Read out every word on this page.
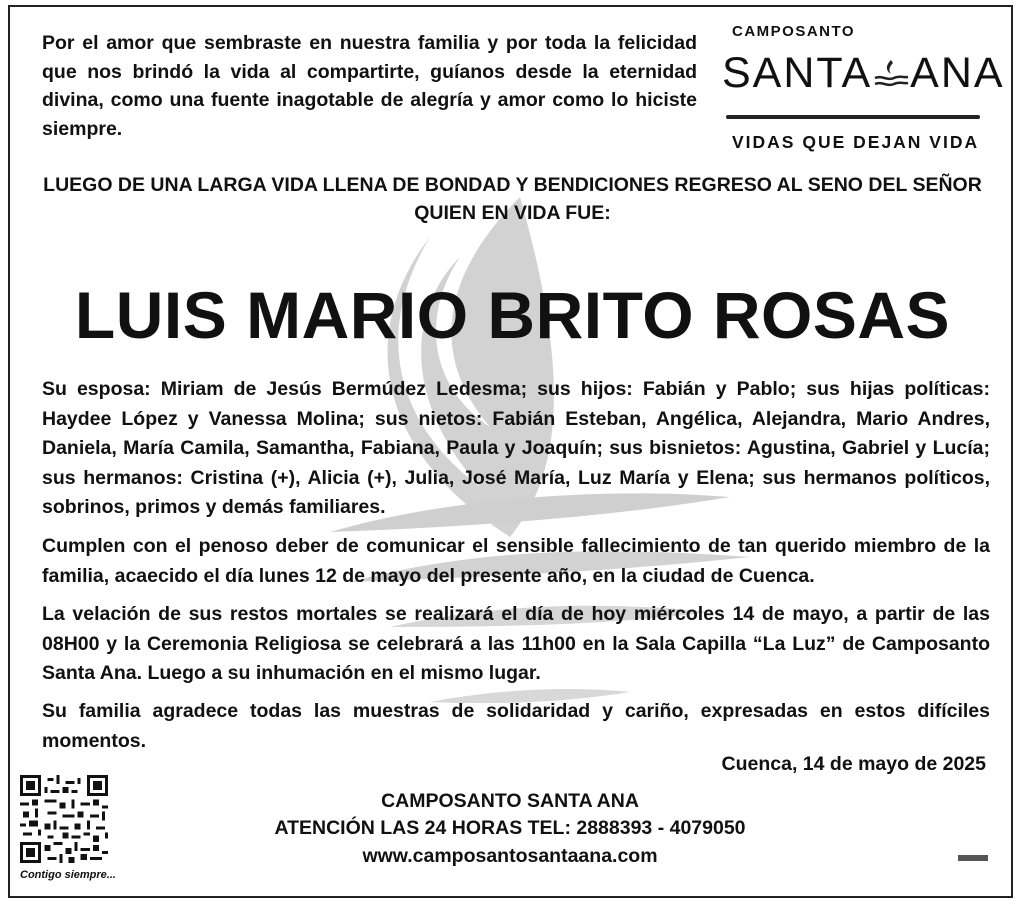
Por el amor que sembraste en nuestra familia y por toda la felicidad que nos brindó la vida al compartirte, guíanos desde la eternidad divina, como una fuente inagotable de alegría y amor como lo hiciste siempre.
CAMPOSANTO
SANTA ANA
VIDAS QUE DEJAN VIDA
LUEGO DE UNA LARGA VIDA LLENA DE BONDAD Y BENDICIONES REGRESO AL SENO DEL SEÑOR QUIEN EN VIDA FUE:
LUIS MARIO BRITO ROSAS
Su esposa: Miriam de Jesús Bermúdez Ledesma; sus hijos: Fabián y Pablo; sus hijas políticas: Haydee López y Vanessa Molina; sus nietos: Fabián Esteban, Angélica, Alejandra, Mario Andres, Daniela, María Camila, Samantha, Fabiana, Paula y Joaquín; sus bisnietos: Agustina, Gabriel y Lucía; sus hermanos: Cristina (+), Alicia (+), Julia, José María, Luz María y Elena; sus hermanos políticos, sobrinos, primos y demás familiares.
Cumplen con el penoso deber de comunicar el sensible fallecimiento de tan querido miembro de la familia, acaecido el día lunes 12 de mayo del presente año, en la ciudad de Cuenca.
La velación de sus restos mortales se realizará el día de hoy miércoles 14 de mayo, a partir de las 08H00 y la Ceremonia Religiosa se celebrará a las 11h00 en la Sala Capilla “La Luz” de Camposanto Santa Ana. Luego a su inhumación en el mismo lugar.
Su familia agradece todas las muestras de solidaridad y cariño, expresadas en estos difíciles momentos.
Cuenca, 14 de mayo de 2025
CAMPOSANTO SANTA ANA
ATENCIÓN LAS 24 HORAS TEL: 2888393 - 4079050
www.camposantosantaana.com
Contigo siempre...
